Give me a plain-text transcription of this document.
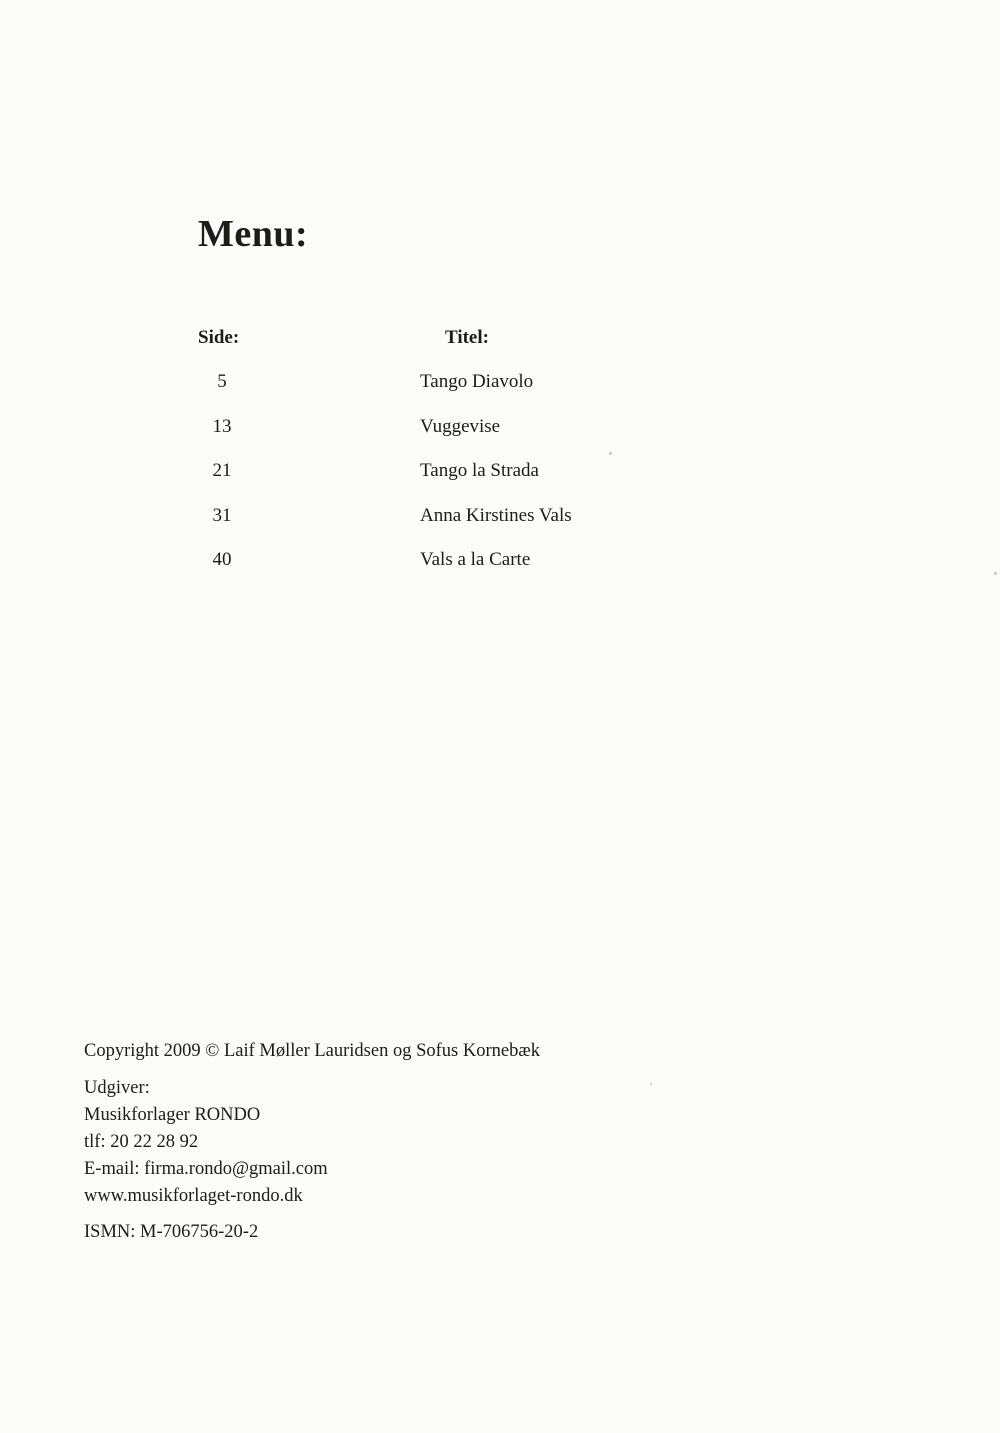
Menu:
Side:	Titel:
5	Tango Diavolo
13	Vuggevise
21	Tango la Strada
31	Anna Kirstines Vals
40	Vals a la Carte

Copyright 2009 © Laif Møller Lauridsen og Sofus Kornebæk

Udgiver:

Musikforlager RONDO

tlf: 20 22 28 92

E-mail: firma.rondo@gmail.com

www.musikforlaget-rondo.dk

ISMN: M-706756-20-2
